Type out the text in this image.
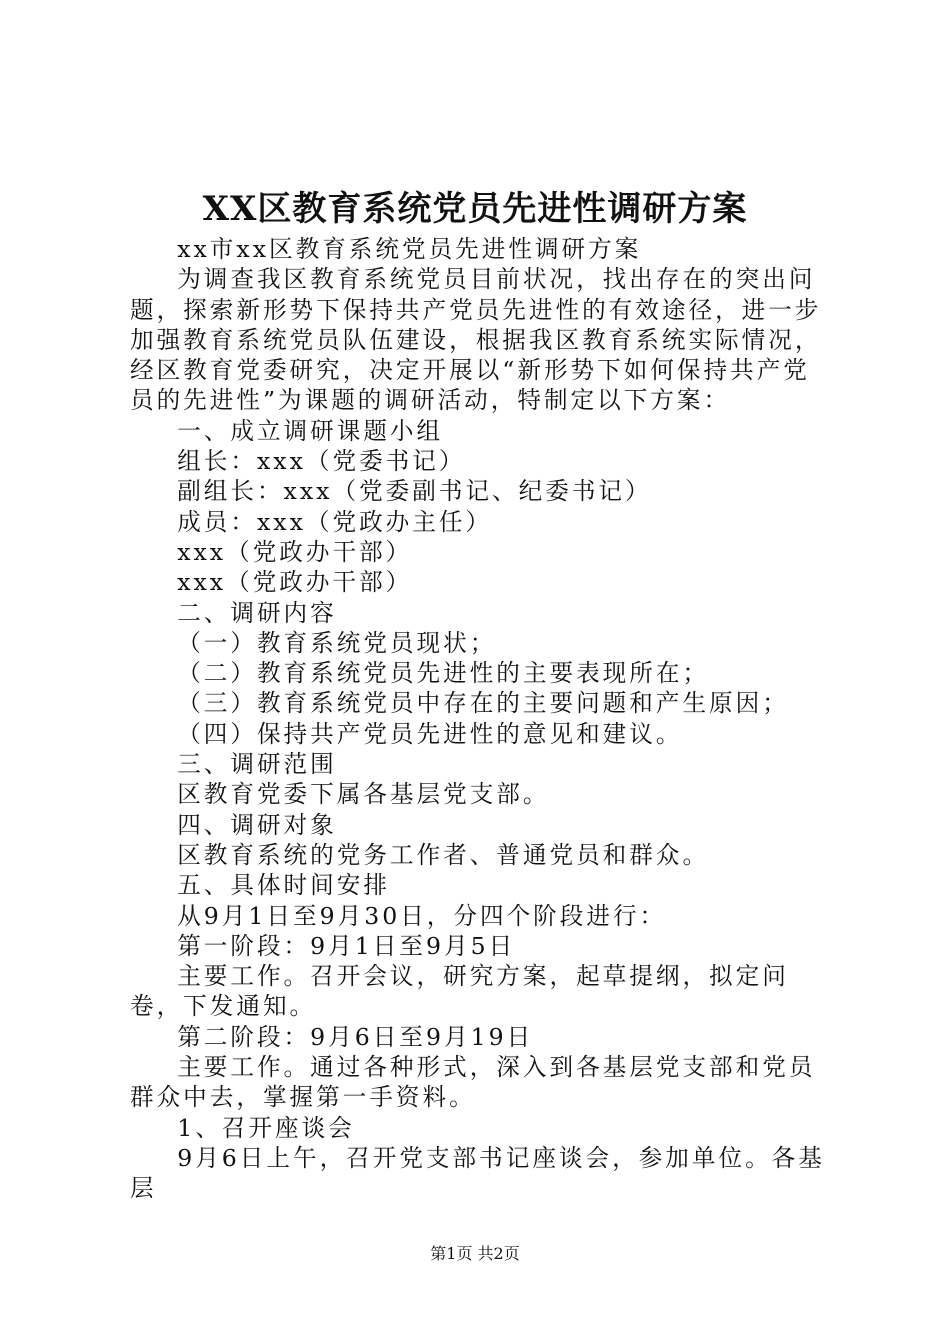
XX区教育系统党员先进性调研方案

xx市xx区教育系统党员先进性调研方案

为调查我区教育系统党员目前状况，找出存在的突出问题，探索新形势下保持共产党员先进性的有效途径，进一步加强教育系统党员队伍建设，根据我区教育系统实际情况，经区教育党委研究，决定开展以“新形势下如何保持共产党员的先进性”为课题的调研活动，特制定以下方案：

一、成立调研课题小组

组长：xxx（党委书记）

副组长：xxx（党委副书记、纪委书记）

成员：xxx（党政办主任）

xxx（党政办干部）

xxx（党政办干部）

二、调研内容

（一）教育系统党员现状；

（二）教育系统党员先进性的主要表现所在；

（三）教育系统党员中存在的主要问题和产生原因；

（四）保持共产党员先进性的意见和建议。

三、调研范围

区教育党委下属各基层党支部。

四、调研对象

区教育系统的党务工作者、普通党员和群众。

五、具体时间安排

从9月1日至9月30日，分四个阶段进行：

第一阶段：9月1日至9月5日

主要工作。召开会议，研究方案，起草提纲，拟定问卷，下发通知。

第二阶段：9月6日至9月19日

主要工作。通过各种形式，深入到各基层党支部和党员群众中去，掌握第一手资料。

1、召开座谈会

9月6日上午，召开党支部书记座谈会，参加单位。各基层

第1页 共2页
